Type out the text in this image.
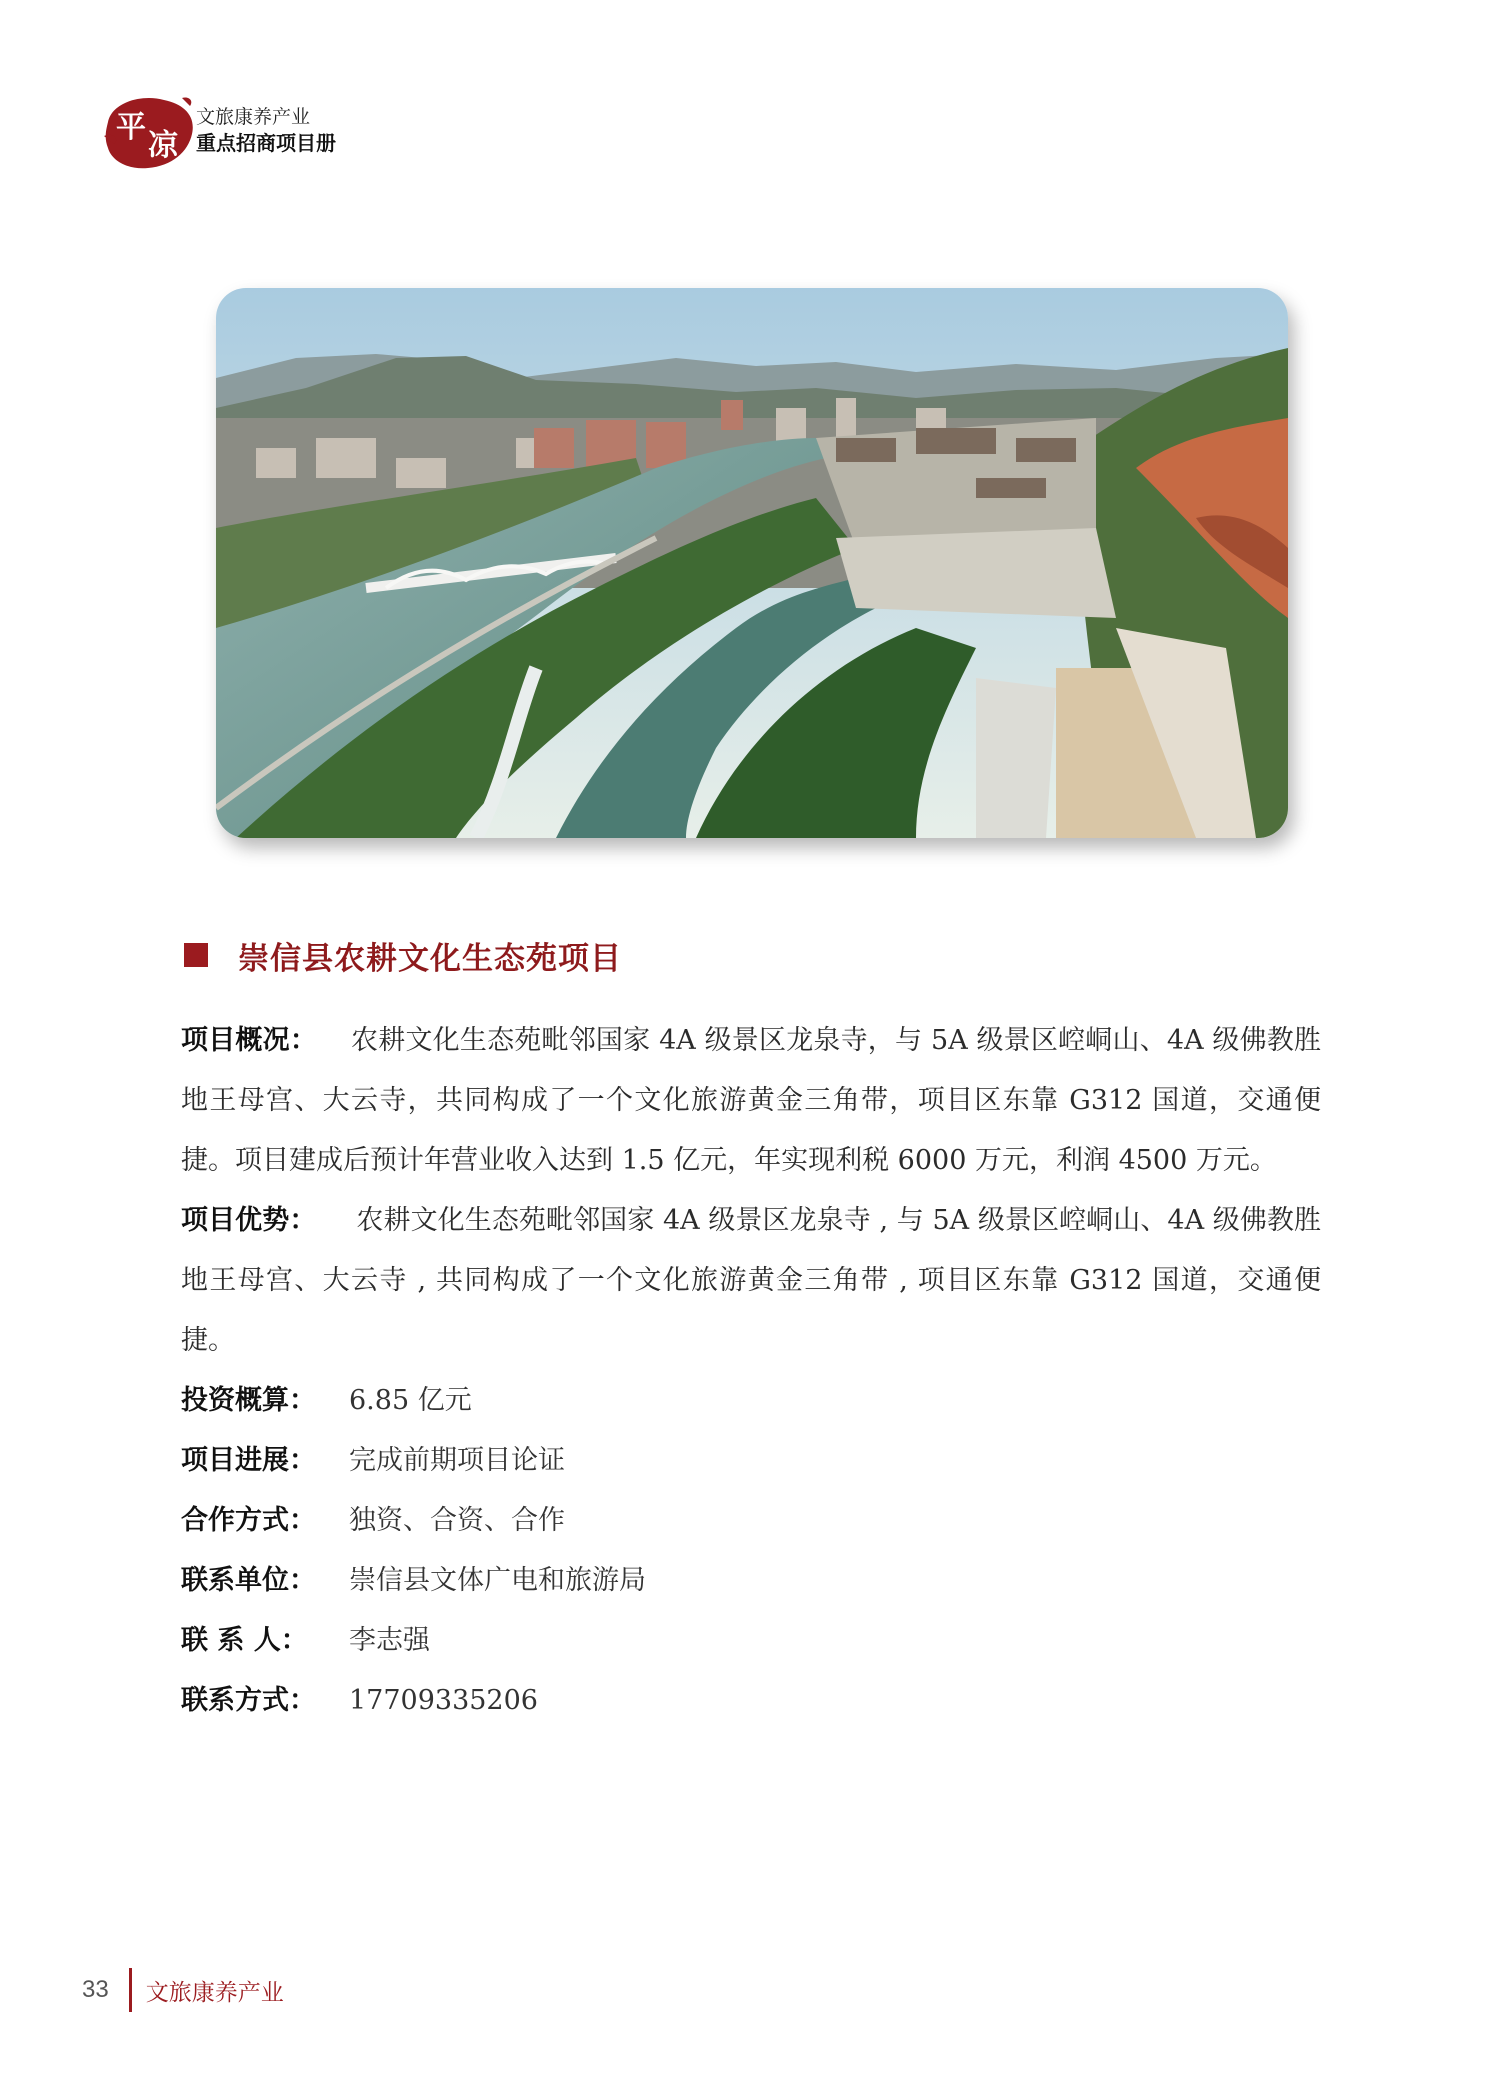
平
凉
文旅康养产业
重点招商项目册
崇信县农耕文化生态苑项目

项目概况： 农耕文化生态苑毗邻国家 4A 级景区龙泉寺，与 5A 级景区崆峒山、4A 级佛教胜地王母宫、大云寺，共同构成了一个文化旅游黄金三角带，项目区东靠 G312 国道，交通便捷。项目建成后预计年营业收入达到 1.5 亿元，年实现利税 6000 万元，利润 4500 万元。

项目优势： 农耕文化生态苑毗邻国家 4A 级景区龙泉寺 , 与 5A 级景区崆峒山、4A 级佛教胜地王母宫、大云寺 , 共同构成了一个文化旅游黄金三角带 , 项目区东靠 G312 国道，交通便捷。

投资概算：	6.85 亿元
项目进展：	完成前期项目论证
合作方式：	独资、合资、合作
联系单位：	崇信县文体广电和旅游局
联 系 人：	李志强
联系方式：	17709335206
33 文旅康养产业
